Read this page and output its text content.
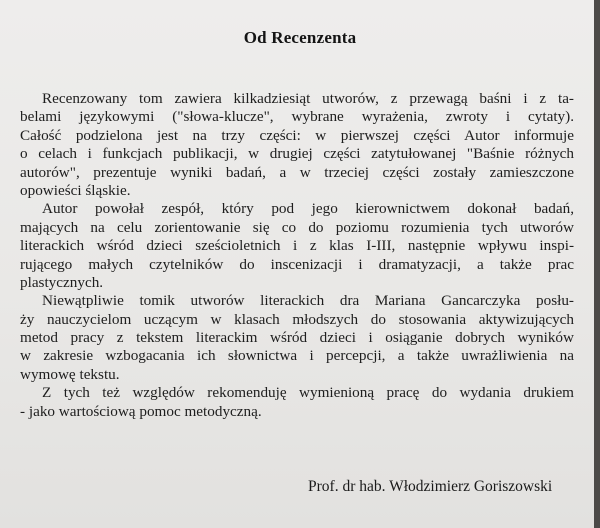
Od Recenzenta
Recenzowany tom zawiera kilkadziesiąt utworów, z przewagą baśni i z ta-
belami językowymi ("słowa-klucze", wybrane wyrażenia, zwroty i cytaty).
Całość podzielona jest na trzy części: w pierwszej części Autor informuje
o celach i funkcjach publikacji, w drugiej części zatytułowanej "Baśnie różnych
autorów", prezentuje wyniki badań, a w trzeciej części zostały zamieszczone
opowieści śląskie.
Autor powołał zespół, który pod jego kierownictwem dokonał badań,
mających na celu zorientowanie się co do poziomu rozumienia tych utworów
literackich wśród dzieci sześcioletnich i z klas I-III, następnie wpływu inspi-
rującego małych czytelników do inscenizacji i dramatyzacji, a także prac
plastycznych.
Niewątpliwie tomik utworów literackich dra Mariana Gancarczyka posłu-
ży nauczycielom uczącym w klasach młodszych do stosowania aktywizujących
metod pracy z tekstem literackim wśród dzieci i osiąganie dobrych wyników
w zakresie wzbogacania ich słownictwa i percepcji, a także uwrażliwienia na
wymowę tekstu.
Z tych też względów rekomenduję wymienioną pracę do wydania drukiem
- jako wartościową pomoc metodyczną.
Prof. dr hab. Włodzimierz Goriszowski
